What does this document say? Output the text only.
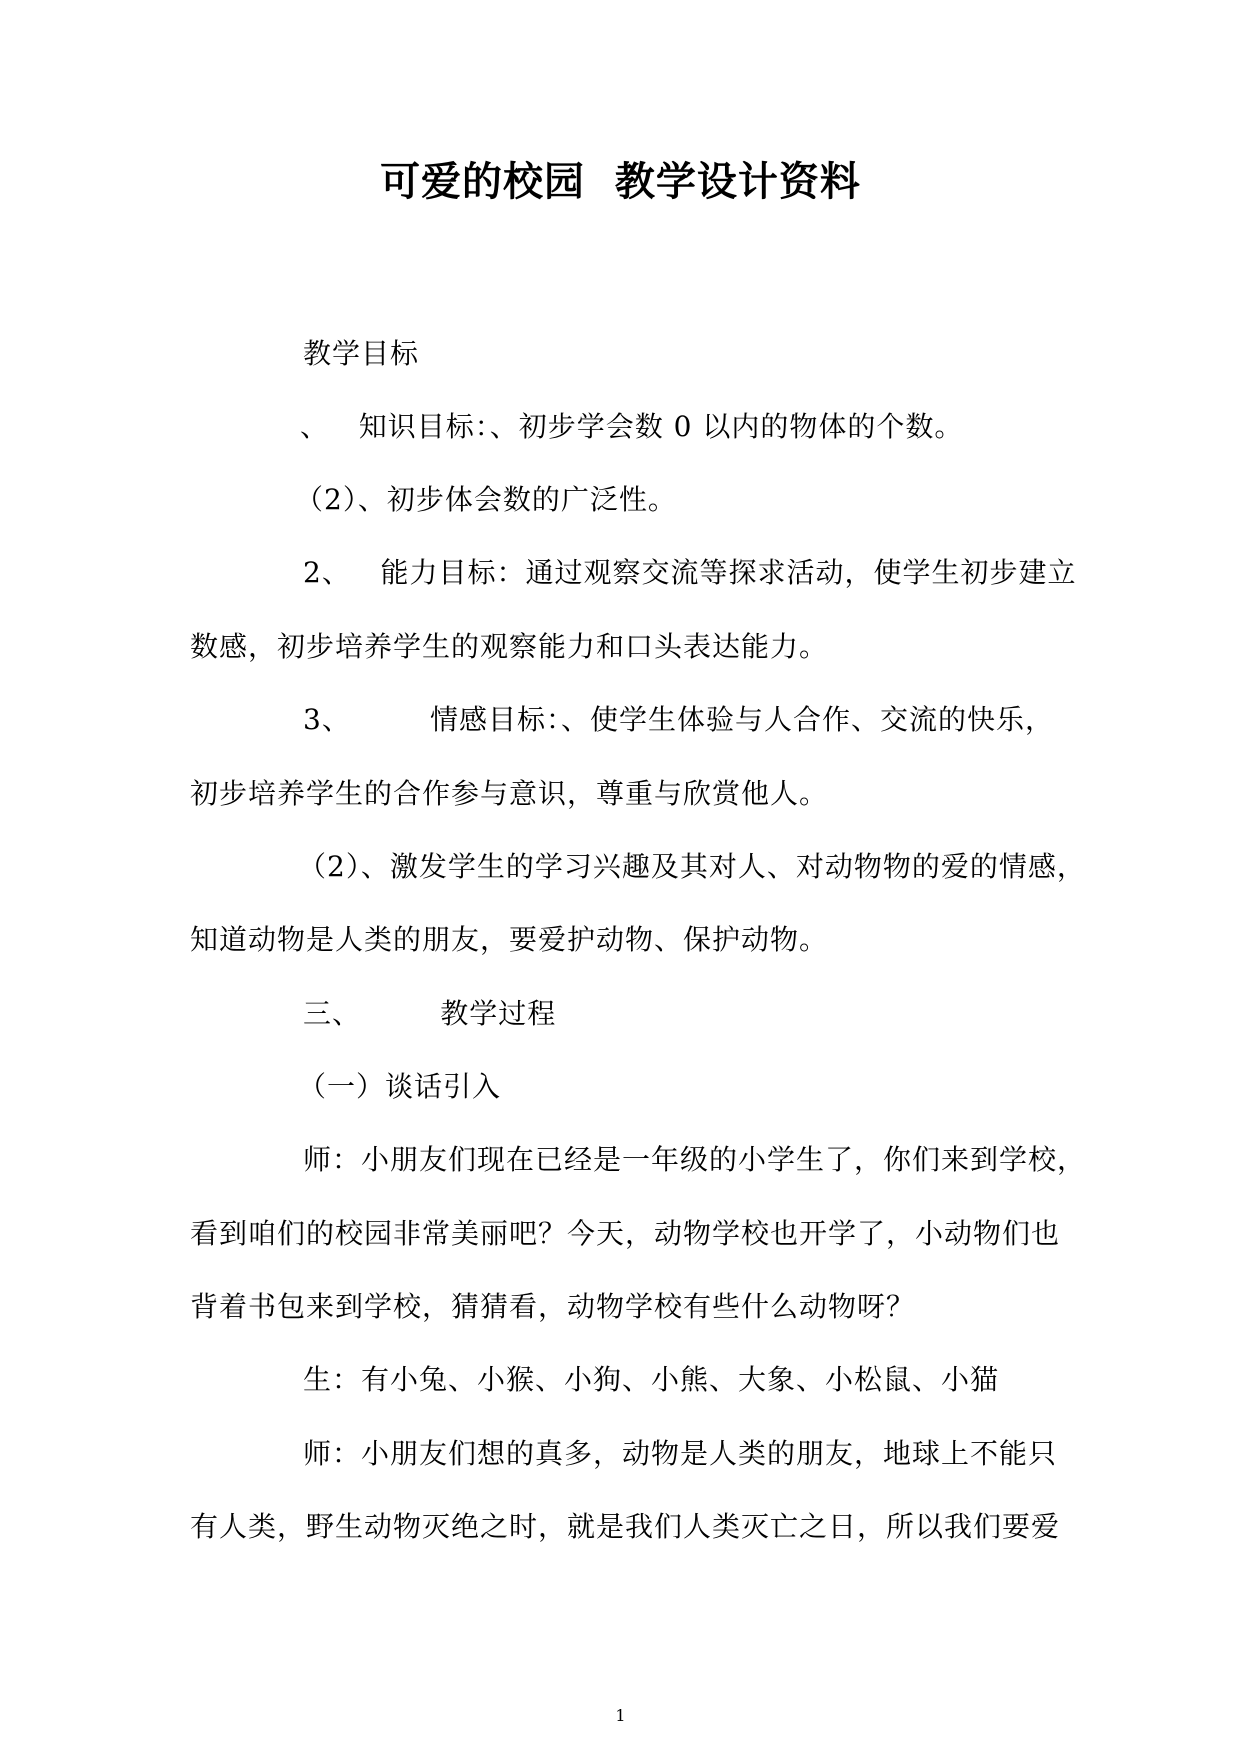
可爱的校园  教学设计资料
教学目标
、   知识目标：、初步学会数 0 以内的物体的个数。
（2）、初步体会数的广泛性。
2、   能力目标：通过观察交流等探求活动，使学生初步建立
数感，初步培养学生的观察能力和口头表达能力。
3、        情感目标：、使学生体验与人合作、交流的快乐，
初步培养学生的合作参与意识，尊重与欣赏他人。
（2）、激发学生的学习兴趣及其对人、对动物物的爱的情感，
知道动物是人类的朋友，要爱护动物、保护动物。
三、        教学过程
（一）谈话引入
师：小朋友们现在已经是一年级的小学生了，你们来到学校，
看到咱们的校园非常美丽吧？今天，动物学校也开学了，小动物们也
背着书包来到学校，猜猜看，动物学校有些什么动物呀？
生：有小兔、小猴、小狗、小熊、大象、小松鼠、小猫
师：小朋友们想的真多，动物是人类的朋友，地球上不能只
有人类，野生动物灭绝之时，就是我们人类灭亡之日，所以我们要爱
1
